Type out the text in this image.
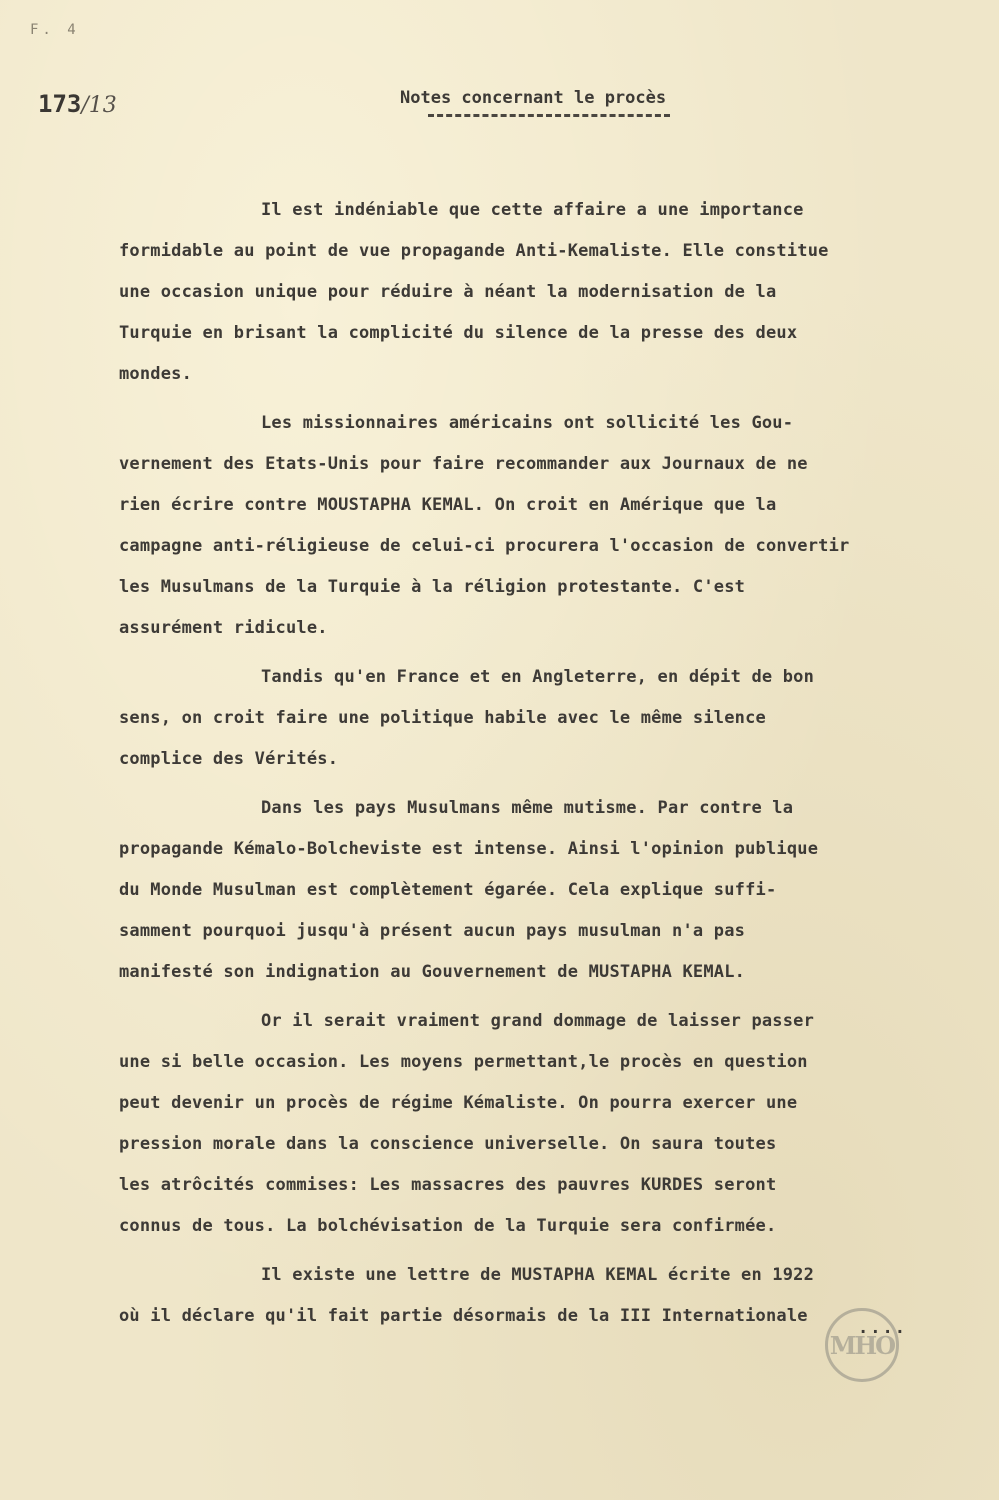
F. 4
173/13	Notes concernant le procès

Il est indéniable que cette affaire a une importance
formidable au point de vue propagande Anti-Kemaliste. Elle constitue
une occasion unique pour réduire à néant la modernisation de la
Turquie en brisant la complicité du silence de la presse des deux
mondes.

Les missionnaires américains ont sollicité les Gou-
vernement des Etats-Unis pour faire recommander aux Journaux de ne
rien écrire contre MOUSTAPHA KEMAL. On croit en Amérique que la
campagne anti-réligieuse de celui-ci procurera l'occasion de convertir
les Musulmans de la Turquie à la réligion protestante. C'est
assurément ridicule.

Tandis qu'en France et en Angleterre, en dépit de bon
sens, on croit faire une politique habile avec le même silence
complice des Vérités.

Dans les pays Musulmans même mutisme. Par contre la
propagande Kémalo-Bolcheviste est intense. Ainsi l'opinion publique
du Monde Musulman est complètement égarée. Cela explique suffi-
samment pourquoi jusqu'à présent aucun pays musulman n'a pas
manifesté son indignation au Gouvernement de MUSTAPHA KEMAL.

Or il serait vraiment grand dommage de laisser passer
une si belle occasion. Les moyens permettant,le procès en question
peut devenir un procès de régime Kémaliste. On pourra exercer une
pression morale dans la conscience universelle. On saura toutes
les atrôcités commises: Les massacres des pauvres KURDES seront
connus de tous. La bolchévisation de la Turquie sera confirmée.

Il existe une lettre de MUSTAPHA KEMAL écrite en 1922
où il déclare qu'il fait partie désormais de la III Internationale

MHO
....
